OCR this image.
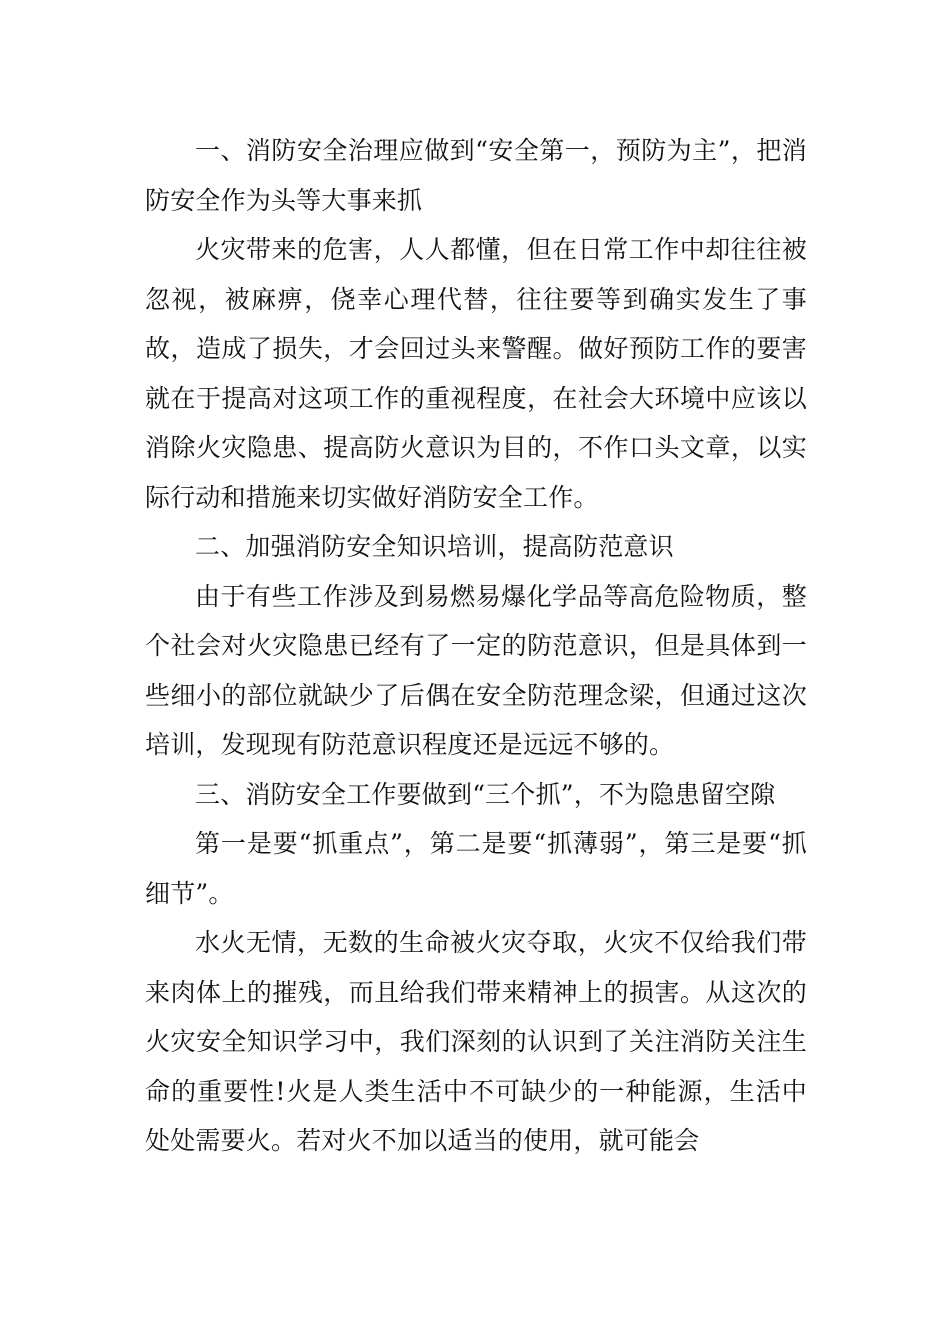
一、消防安全治理应做到“安全第一，预防为主”，把消防安全作为头等大事来抓

火灾带来的危害，人人都懂，但在日常工作中却往往被忽视，被麻痹，侥幸心理代替，往往要等到确实发生了事故，造成了损失，才会回过头来警醒。做好预防工作的要害就在于提高对这项工作的重视程度，在社会大环境中应该以消除火灾隐患、提高防火意识为目的，不作口头文章，以实际行动和措施来切实做好消防安全工作。

二、加强消防安全知识培训，提高防范意识

由于有些工作涉及到易燃易爆化学品等高危险物质，整个社会对火灾隐患已经有了一定的防范意识，但是具体到一些细小的部位就缺少了后偶在安全防范理念梁，但通过这次培训，发现现有防范意识程度还是远远不够的。

三、消防安全工作要做到“三个抓”，不为隐患留空隙

第一是要“抓重点”，第二是要“抓薄弱”，第三是要“抓细节”。

水火无情，无数的生命被火灾夺取，火灾不仅给我们带来肉体上的摧残，而且给我们带来精神上的损害。从这次的火灾安全知识学习中，我们深刻的认识到了关注消防关注生命的重要性!火是人类生活中不可缺少的一种能源，生活中处处需要火。若对火不加以适当的使用，就可能会
